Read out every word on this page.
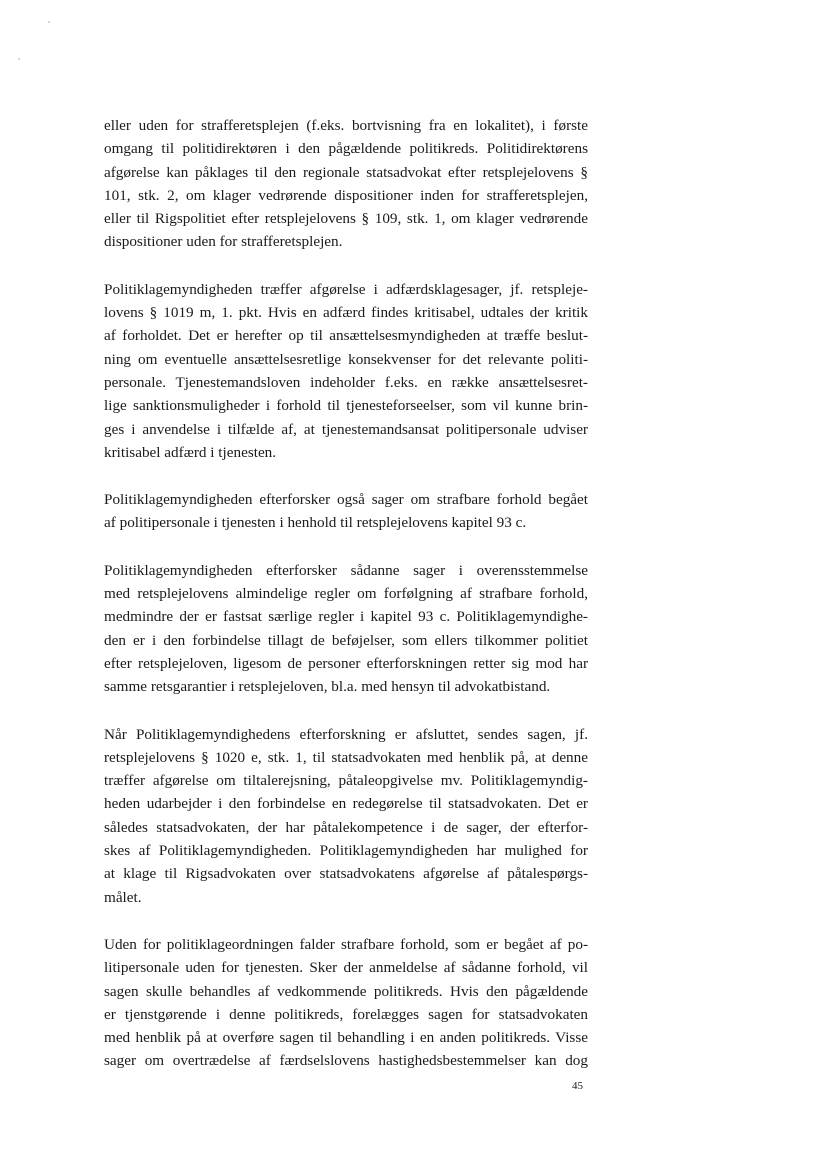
eller uden for strafferetsplejen (f.eks. bortvisning fra en lokalitet), i første
omgang til politidirektøren i den pågældende politikreds. Politidirektørens
afgørelse kan påklages til den regionale statsadvokat efter retsplejelovens §
101, stk. 2, om klager vedrørende dispositioner inden for strafferetsplejen,
eller til Rigspolitiet efter retsplejelovens § 109, stk. 1, om klager vedrørende
dispositioner uden for strafferetsplejen.

Politiklagemyndigheden træffer afgørelse i adfærdsklagesager, jf. retspleje-
lovens § 1019 m, 1. pkt. Hvis en adfærd findes kritisabel, udtales der kritik
af forholdet. Det er herefter op til ansættelsesmyndigheden at træffe beslut-
ning om eventuelle ansættelsesretlige konsekvenser for det relevante politi-
personale. Tjenestemandsloven indeholder f.eks. en række ansættelsesret-
lige sanktionsmuligheder i forhold til tjenesteforseelser, som vil kunne brin-
ges i anvendelse i tilfælde af, at tjenestemandsansat politipersonale udviser
kritisabel adfærd i tjenesten.

Politiklagemyndigheden efterforsker også sager om strafbare forhold begået
af politipersonale i tjenesten i henhold til retsplejelovens kapitel 93 c.

Politiklagemyndigheden efterforsker sådanne sager i overensstemmelse
med retsplejelovens almindelige regler om forfølgning af strafbare forhold,
medmindre der er fastsat særlige regler i kapitel 93 c. Politiklagemyndighe-
den er i den forbindelse tillagt de beføjelser, som ellers tilkommer politiet
efter retsplejeloven, ligesom de personer efterforskningen retter sig mod har
samme retsgarantier i retsplejeloven, bl.a. med hensyn til advokatbistand.

Når Politiklagemyndighedens efterforskning er afsluttet, sendes sagen, jf.
retsplejelovens § 1020 e, stk. 1, til statsadvokaten med henblik på, at denne
træffer afgørelse om tiltalerejsning, påtaleopgivelse mv. Politiklagemyndig-
heden udarbejder i den forbindelse en redegørelse til statsadvokaten. Det er
således statsadvokaten, der har påtalekompetence i de sager, der efterfor-
skes af Politiklagemyndigheden. Politiklagemyndigheden har mulighed for
at klage til Rigsadvokaten over statsadvokatens afgørelse af påtalespørgs-
målet.

Uden for politiklageordningen falder strafbare forhold, som er begået af po-
litipersonale uden for tjenesten. Sker der anmeldelse af sådanne forhold, vil
sagen skulle behandles af vedkommende politikreds. Hvis den pågældende
er tjenstgørende i denne politikreds, forelægges sagen for statsadvokaten
med henblik på at overføre sagen til behandling i en anden politikreds. Visse
sager om overtrædelse af færdselslovens hastighedsbestemmelser kan dog

45
